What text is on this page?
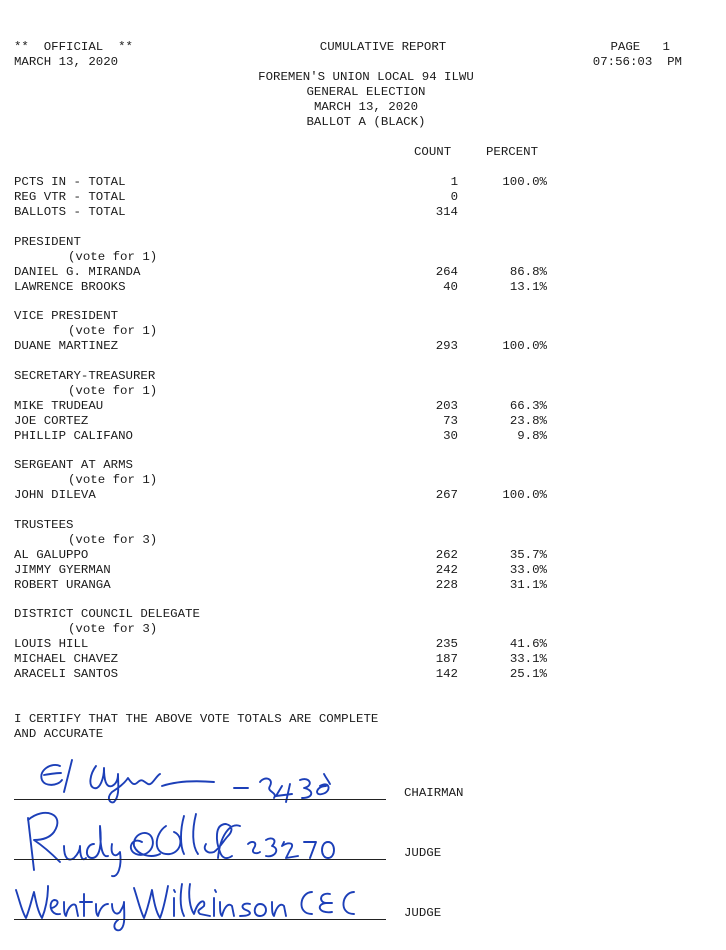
**  OFFICIAL  **
MARCH 13, 2020
CUMULATIVE REPORT	PAGE   1
07:56:03  PM
FOREMEN'S UNION LOCAL 94 ILWU
GENERAL ELECTION
MARCH 13, 2020
BALLOT A (BLACK)
COUNT	PERCENT
PCTS IN - TOTAL	1	100.0%
REG VTR - TOTAL	0
BALLOTS - TOTAL	314
PRESIDENT
(vote for 1)
DANIEL G. MIRANDA	264	86.8%
LAWRENCE BROOKS	40	13.1%
VICE PRESIDENT
(vote for 1)
DUANE MARTINEZ	293	100.0%
SECRETARY-TREASURER
(vote for 1)
MIKE TRUDEAU	203	66.3%
JOE CORTEZ	73	23.8%
PHILLIP CALIFANO	30	9.8%
SERGEANT AT ARMS
(vote for 1)
JOHN DILEVA	267	100.0%
TRUSTEES
(vote for 3)
AL GALUPPO	262	35.7%
JIMMY GYERMAN	242	33.0%
ROBERT URANGA	228	31.1%
DISTRICT COUNCIL DELEGATE
(vote for 3)
LOUIS HILL	235	41.6%
MICHAEL CHAVEZ	187	33.1%
ARACELI SANTOS	142	25.1%
I CERTIFY THAT THE ABOVE VOTE TOTALS ARE COMPLETE
AND ACCURATE
CHAIRMAN
JUDGE
JUDGE
